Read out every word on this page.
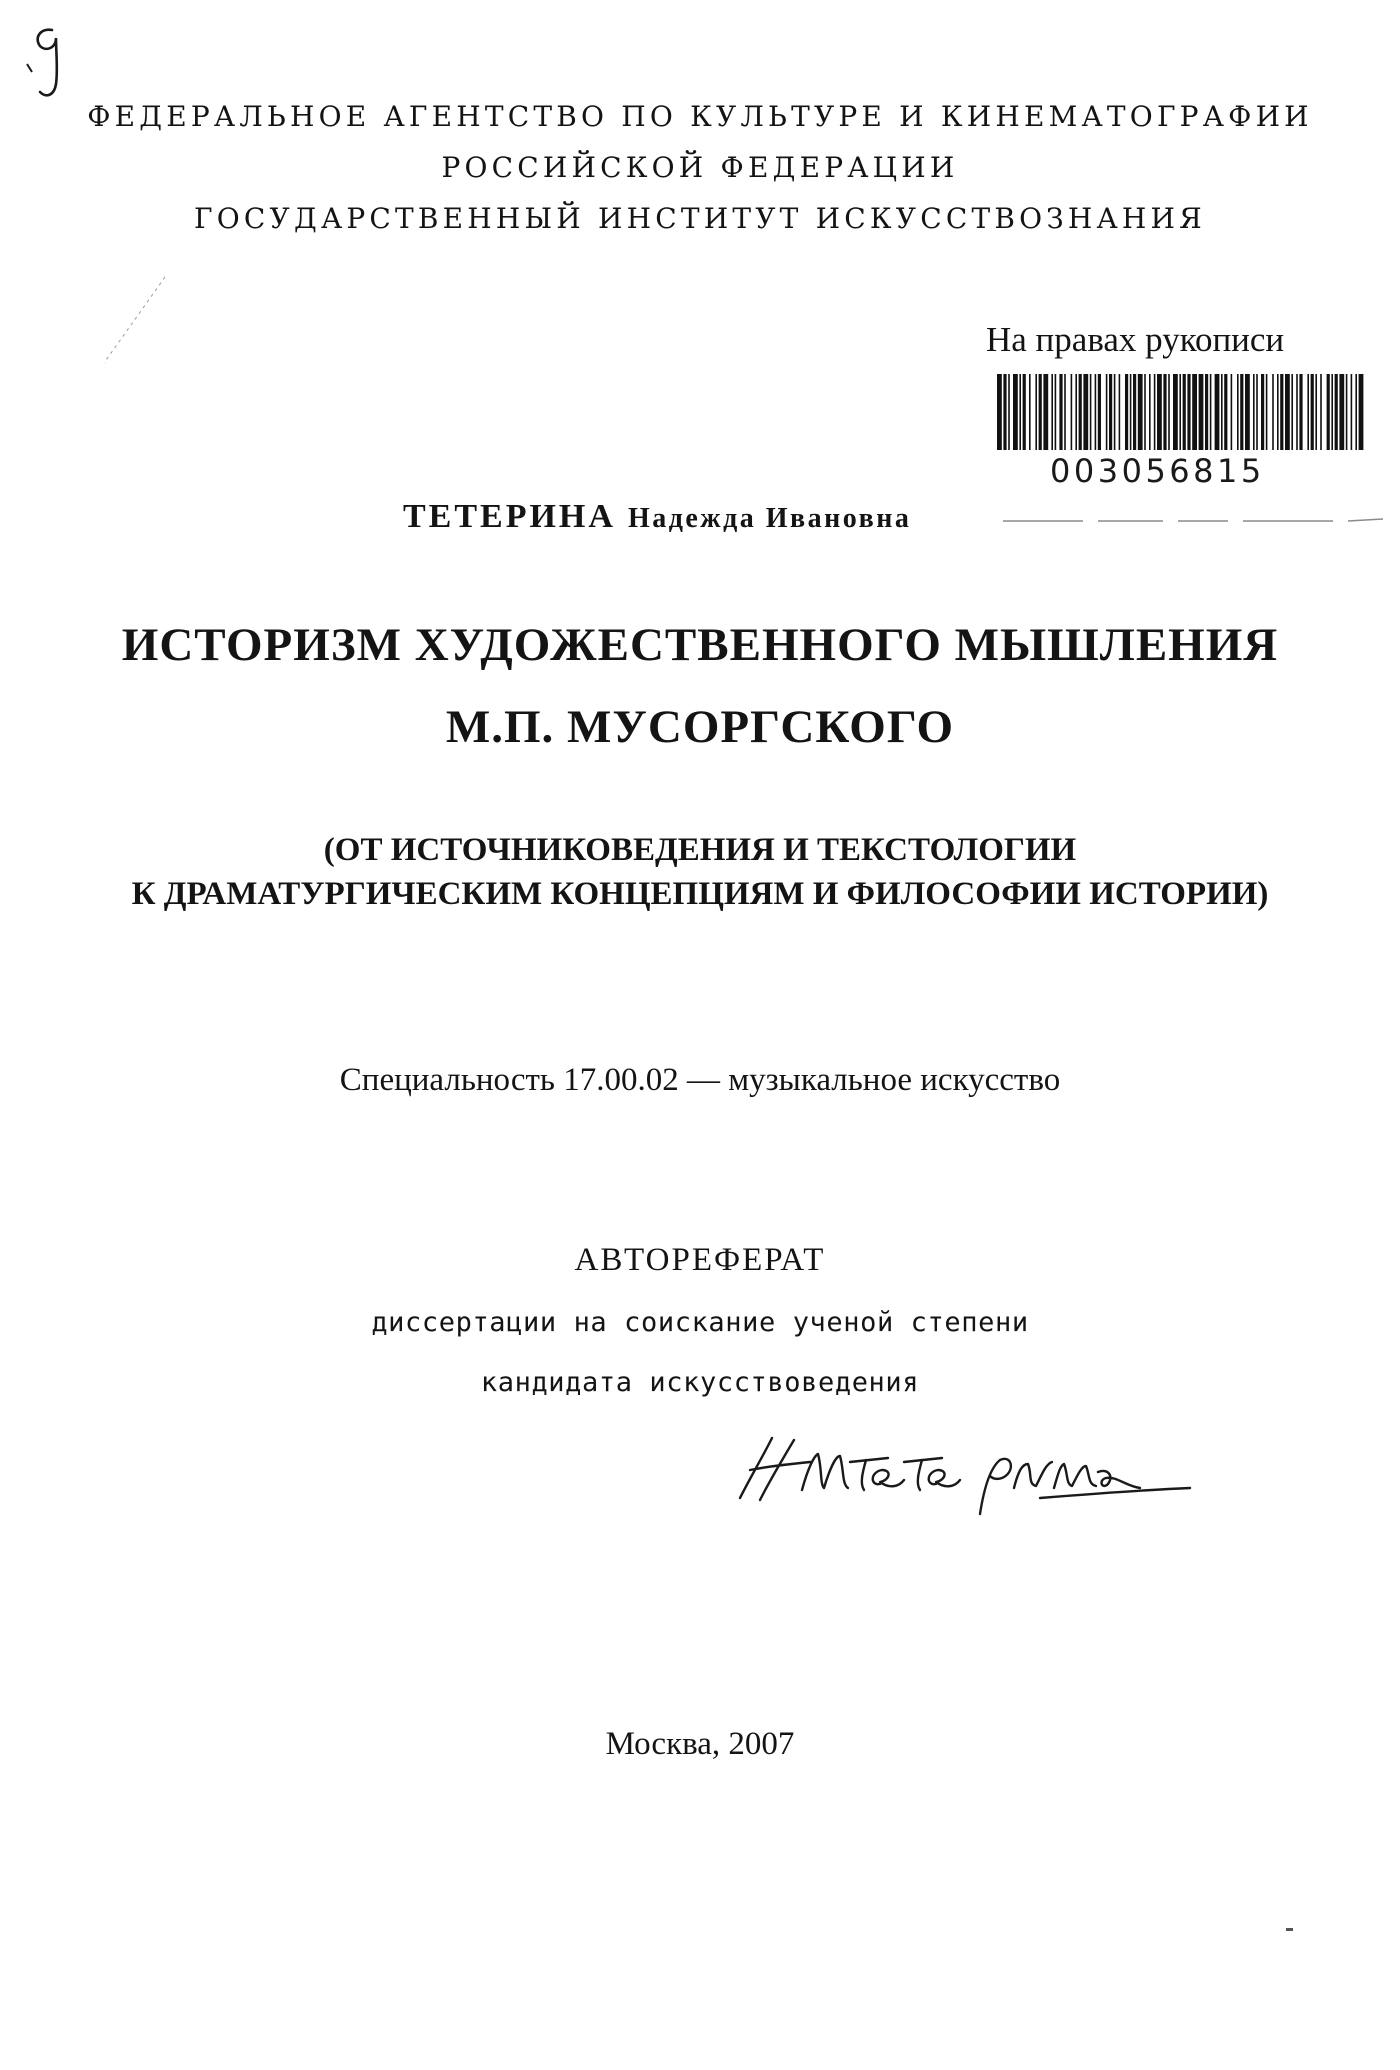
ФЕДЕРАЛЬНОЕ АГЕНТСТВО ПО КУЛЬТУРЕ И КИНЕМАТОГРАФИИ
РОССИЙСКОЙ ФЕДЕРАЦИИ
ГОСУДАРСТВЕННЫЙ ИНСТИТУТ ИСКУССТВОЗНАНИЯ
На правах рукописи
003056815
ТЕТЕРИНА Надежда Ивановна
ИСТОРИЗМ ХУДОЖЕСТВЕННОГО МЫШЛЕНИЯ
М.П. МУСОРГСКОГО
(ОТ ИСТОЧНИКОВЕДЕНИЯ И ТЕКСТОЛОГИИ
К ДРАМАТУРГИЧЕСКИМ КОНЦЕПЦИЯМ И ФИЛОСОФИИ ИСТОРИИ)
Специальность 17.00.02 — музыкальное искусство
АВТОРЕФЕРАТ
диссертации на соискание ученой степени
кандидата искусствоведения
Москва, 2007
